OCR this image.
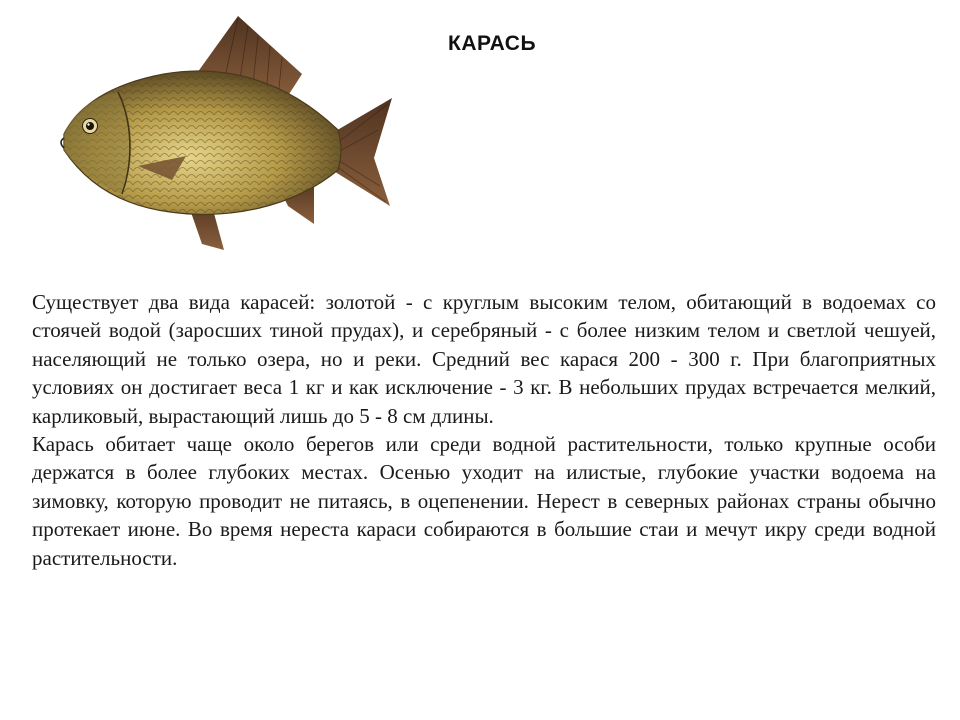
КАРАСЬ

Существует два вида карасей: золотой - с круглым высоким телом, обитающий в водоемах со стоячей водой (заросших тиной прудах), и серебряный - с более низким телом и светлой чешуей, населяющий не только озера, но и реки. Средний вес карася 200 - 300 г. При благоприятных условиях он достигает веса 1 кг и как исключение - 3 кг. В небольших прудах встречается мелкий, карликовый, вырастающий лишь до 5 - 8 см длины.

Карась обитает чаще около берегов или среди водной растительности, только крупные особи держатся в более глубоких местах. Осенью уходит на илистые, глубокие участки водоема на зимовку, которую проводит не питаясь, в оцепенении. Нерест в северных районах страны обычно протекает июне. Во время нереста караси собираются в большие стаи и мечут икру среди водной растительности.
